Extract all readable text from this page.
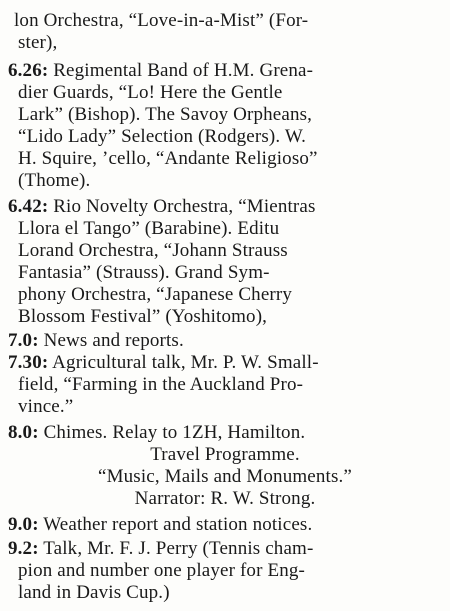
lon Orchestra, “Love-in-a-Mist” (For-
ster),
6.26: Regimental Band of H.M. Grena-
dier Guards, “Lo! Here the Gentle
Lark” (Bishop). The Savoy Orpheans,
“Lido Lady” Selection (Rodgers). W.
H. Squire, ’cello, “Andante Religioso”
(Thome).
6.42: Rio Novelty Orchestra, “Mientras
Llora el Tango” (Barabine). Editu
Lorand Orchestra, “Johann Strauss
Fantasia” (Strauss). Grand Sym-
phony Orchestra, “Japanese Cherry
Blossom Festival” (Yoshitomo),
7.0: News and reports.
7.30: Agricultural talk, Mr. P. W. Small-
field, “Farming in the Auckland Pro-
vince.”
8.0: Chimes. Relay to 1ZH, Hamilton.
Travel Programme.
“Music, Mails and Monuments.”
Narrator: R. W. Strong.
9.0: Weather report and station notices.
9.2: Talk, Mr. F. J. Perry (Tennis cham-
pion and number one player for Eng-
land in Davis Cup.)
